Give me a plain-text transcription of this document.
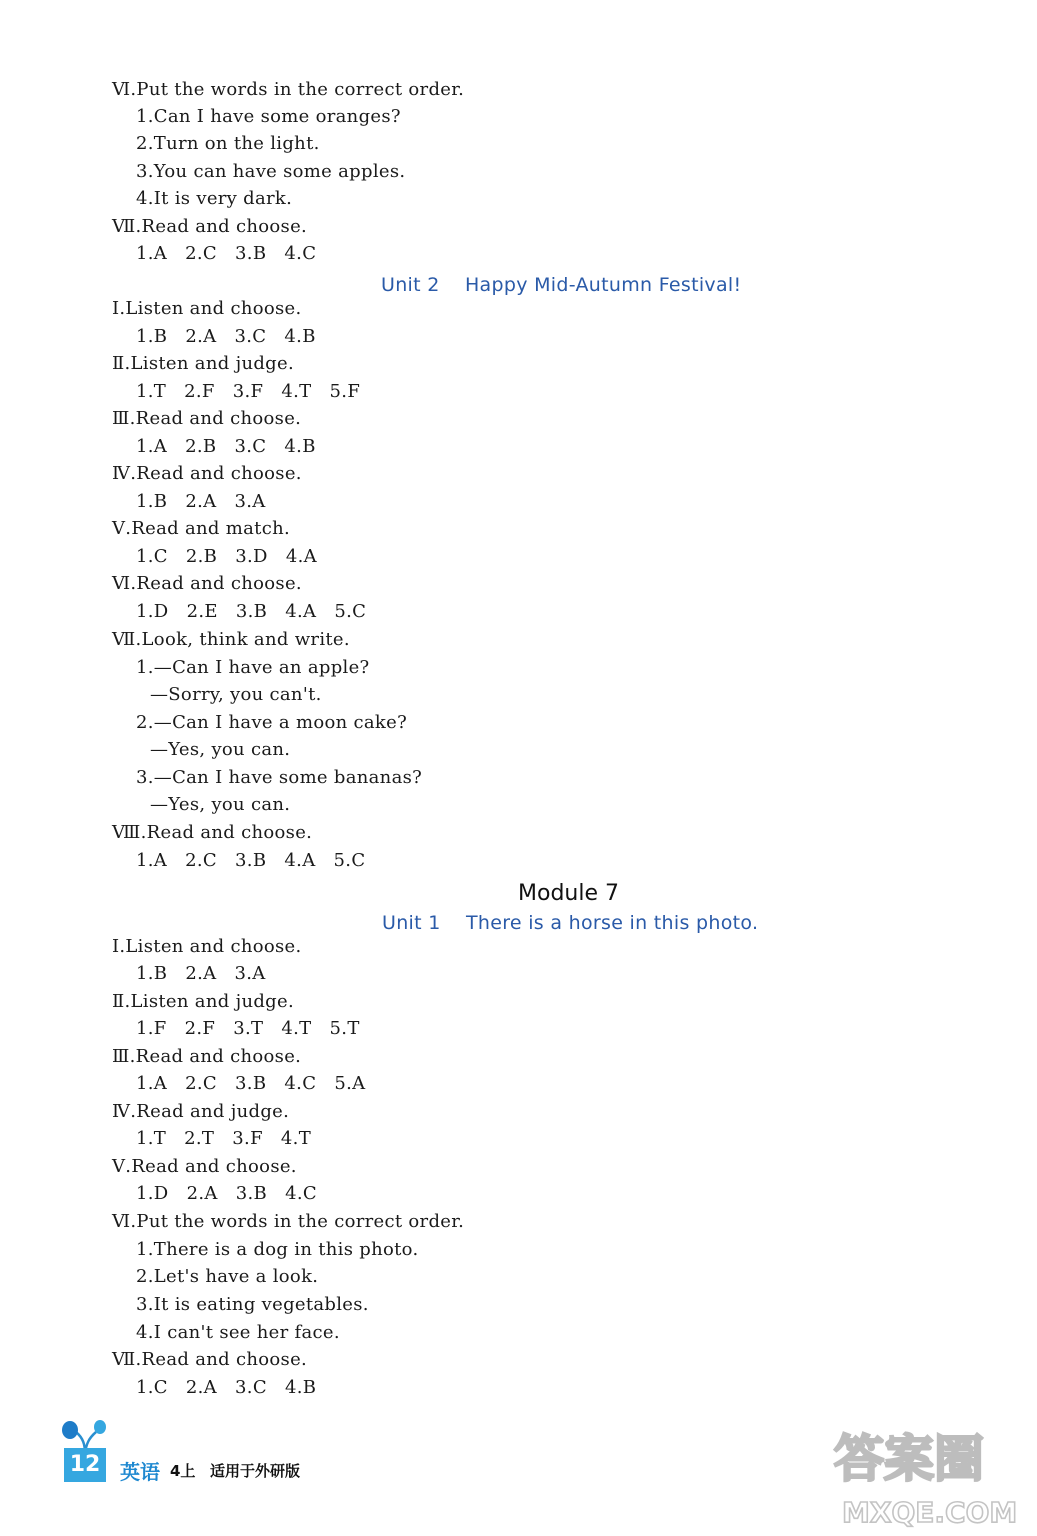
Ⅵ.Put the words in the correct order.
1.Can I have some oranges?
2.Turn on the light.
3.You can have some apples.
4.It is very dark.
Ⅶ.Read and choose.
1.A   2.C   3.B   4.C
Unit 2    Happy Mid-Autumn Festival!
Ⅰ.Listen and choose.
1.B   2.A   3.C   4.B
Ⅱ.Listen and judge.
1.T   2.F   3.F   4.T   5.F
Ⅲ.Read and choose.
1.A   2.B   3.C   4.B
Ⅳ.Read and choose.
1.B   2.A   3.A
Ⅴ.Read and match.
1.C   2.B   3.D   4.A
Ⅵ.Read and choose.
1.D   2.E   3.B   4.A   5.C
Ⅶ.Look, think and write.
1.—Can I have an apple?
—Sorry, you can't.
2.—Can I have a moon cake?
—Yes, you can.
3.—Can I have some bananas?
—Yes, you can.
Ⅷ.Read and choose.
1.A   2.C   3.B   4.A   5.C
Module 7
Unit 1    There is a horse in this photo.
Ⅰ.Listen and choose.
1.B   2.A   3.A
Ⅱ.Listen and judge.
1.F   2.F   3.T   4.T   5.T
Ⅲ.Read and choose.
1.A   2.C   3.B   4.C   5.A
Ⅳ.Read and judge.
1.T   2.T   3.F   4.T
Ⅴ.Read and choose.
1.D   2.A   3.B   4.C
Ⅵ.Put the words in the correct order.
1.There is a dog in this photo.
2.Let's have a look.
3.It is eating vegetables.
4.I can't see her face.
Ⅶ.Read and choose.
1.C   2.A   3.C   4.B
12 英语 4上 适用于外研版	答案圈
MXQE.COM
